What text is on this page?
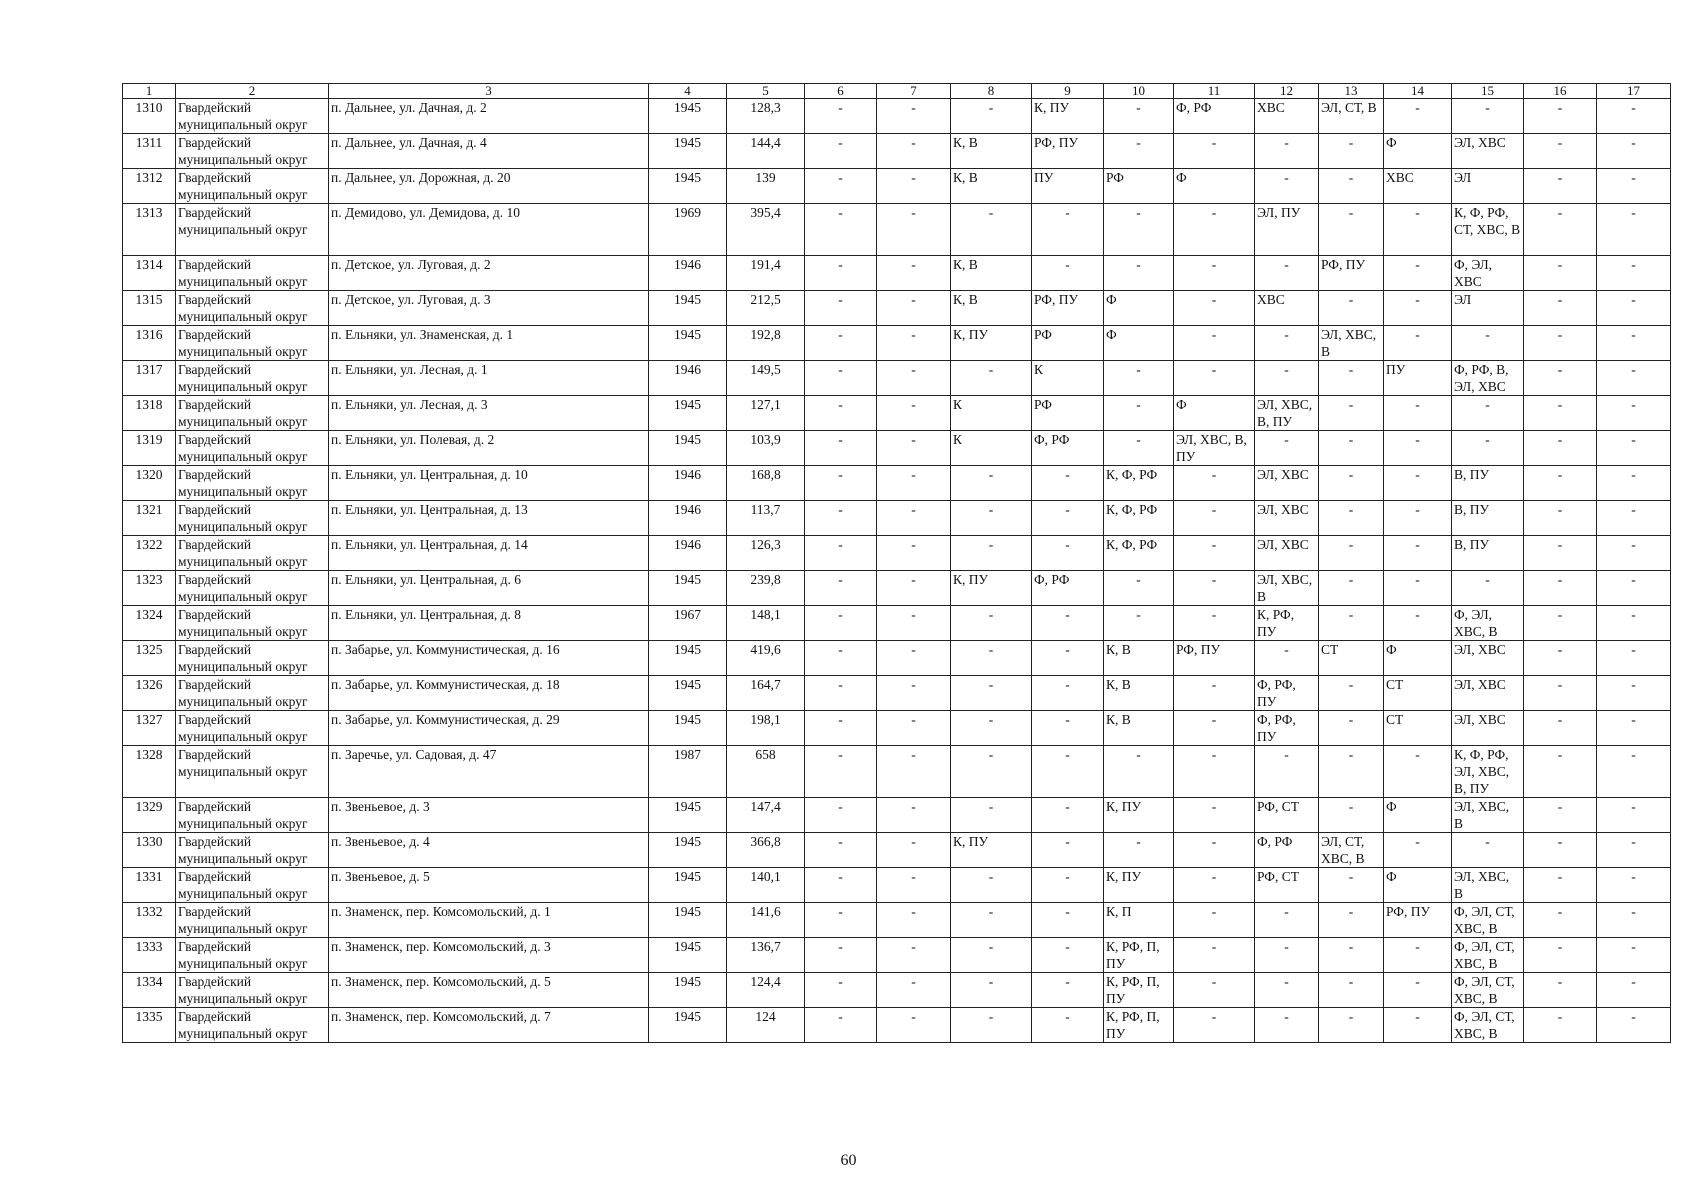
1	2	3	4	5	6	7	8	9	10	11	12	13	14	15	16	17
1310	Гвардейский муниципальный округ	п. Дальнее, ул. Дачная, д. 2	1945	128,3	-	-	-	К, ПУ	-	Ф, РФ	ХВС	ЭЛ, СТ, В	-	-	-	-
1311	Гвардейский муниципальный округ	п. Дальнее, ул. Дачная, д. 4	1945	144,4	-	-	К, В	РФ, ПУ	-	-	-	-	Ф	ЭЛ, ХВС	-	-
1312	Гвардейский муниципальный округ	п. Дальнее, ул. Дорожная, д. 20	1945	139	-	-	К, В	ПУ	РФ	Ф	-	-	ХВС	ЭЛ	-	-
1313	Гвардейский муниципальный округ	п. Демидово, ул. Демидова, д. 10	1969	395,4	-	-	-	-	-	-	ЭЛ, ПУ	-	-	К, Ф, РФ, СТ, ХВС, В	-	-
1314	Гвардейский муниципальный округ	п. Детское, ул. Луговая, д. 2	1946	191,4	-	-	К, В	-	-	-	-	РФ, ПУ	-	Ф, ЭЛ, ХВС	-	-
1315	Гвардейский муниципальный округ	п. Детское, ул. Луговая, д. 3	1945	212,5	-	-	К, В	РФ, ПУ	Ф	-	ХВС	-	-	ЭЛ	-	-
1316	Гвардейский муниципальный округ	п. Ельняки, ул. Знаменская, д. 1	1945	192,8	-	-	К, ПУ	РФ	Ф	-	-	ЭЛ, ХВС, В	-	-	-	-
1317	Гвардейский муниципальный округ	п. Ельняки, ул. Лесная, д. 1	1946	149,5	-	-	-	К	-	-	-	-	ПУ	Ф, РФ, В, ЭЛ, ХВС	-	-
1318	Гвардейский муниципальный округ	п. Ельняки, ул. Лесная, д. 3	1945	127,1	-	-	К	РФ	-	Ф	ЭЛ, ХВС, В, ПУ	-	-	-	-	-
1319	Гвардейский муниципальный округ	п. Ельняки, ул. Полевая, д. 2	1945	103,9	-	-	К	Ф, РФ	-	ЭЛ, ХВС, В, ПУ	-	-	-	-	-	-
1320	Гвардейский муниципальный округ	п. Ельняки, ул. Центральная, д. 10	1946	168,8	-	-	-	-	К, Ф, РФ	-	ЭЛ, ХВС	-	-	В, ПУ	-	-
1321	Гвардейский муниципальный округ	п. Ельняки, ул. Центральная, д. 13	1946	113,7	-	-	-	-	К, Ф, РФ	-	ЭЛ, ХВС	-	-	В, ПУ	-	-
1322	Гвардейский муниципальный округ	п. Ельняки, ул. Центральная, д. 14	1946	126,3	-	-	-	-	К, Ф, РФ	-	ЭЛ, ХВС	-	-	В, ПУ	-	-
1323	Гвардейский муниципальный округ	п. Ельняки, ул. Центральная, д. 6	1945	239,8	-	-	К, ПУ	Ф, РФ	-	-	ЭЛ, ХВС, В	-	-	-	-	-
1324	Гвардейский муниципальный округ	п. Ельняки, ул. Центральная, д. 8	1967	148,1	-	-	-	-	-	-	К, РФ, ПУ	-	-	Ф, ЭЛ, ХВС, В	-	-
1325	Гвардейский муниципальный округ	п. Забарье, ул. Коммунистическая, д. 16	1945	419,6	-	-	-	-	К, В	РФ, ПУ	-	СТ	Ф	ЭЛ, ХВС	-	-
1326	Гвардейский муниципальный округ	п. Забарье, ул. Коммунистическая, д. 18	1945	164,7	-	-	-	-	К, В	-	Ф, РФ, ПУ	-	СТ	ЭЛ, ХВС	-	-
1327	Гвардейский муниципальный округ	п. Забарье, ул. Коммунистическая, д. 29	1945	198,1	-	-	-	-	К, В	-	Ф, РФ, ПУ	-	СТ	ЭЛ, ХВС	-	-
1328	Гвардейский муниципальный округ	п. Заречье, ул. Садовая, д. 47	1987	658	-	-	-	-	-	-	-	-	-	К, Ф, РФ, ЭЛ, ХВС, В, ПУ	-	-
1329	Гвардейский муниципальный округ	п. Звеньевое, д. 3	1945	147,4	-	-	-	-	К, ПУ	-	РФ, СТ	-	Ф	ЭЛ, ХВС, В	-	-
1330	Гвардейский муниципальный округ	п. Звеньевое, д. 4	1945	366,8	-	-	К, ПУ	-	-	-	Ф, РФ	ЭЛ, СТ, ХВС, В	-	-	-	-
1331	Гвардейский муниципальный округ	п. Звеньевое, д. 5	1945	140,1	-	-	-	-	К, ПУ	-	РФ, СТ	-	Ф	ЭЛ, ХВС, В	-	-
1332	Гвардейский муниципальный округ	п. Знаменск, пер. Комсомольский, д. 1	1945	141,6	-	-	-	-	К, П	-	-	-	РФ, ПУ	Ф, ЭЛ, СТ, ХВС, В	-	-
1333	Гвардейский муниципальный округ	п. Знаменск, пер. Комсомольский, д. 3	1945	136,7	-	-	-	-	К, РФ, П, ПУ	-	-	-	-	Ф, ЭЛ, СТ, ХВС, В	-	-
1334	Гвардейский муниципальный округ	п. Знаменск, пер. Комсомольский, д. 5	1945	124,4	-	-	-	-	К, РФ, П, ПУ	-	-	-	-	Ф, ЭЛ, СТ, ХВС, В	-	-
1335	Гвардейский муниципальный округ	п. Знаменск, пер. Комсомольский, д. 7	1945	124	-	-	-	-	К, РФ, П, ПУ	-	-	-	-	Ф, ЭЛ, СТ, ХВС, В	-	-
60
